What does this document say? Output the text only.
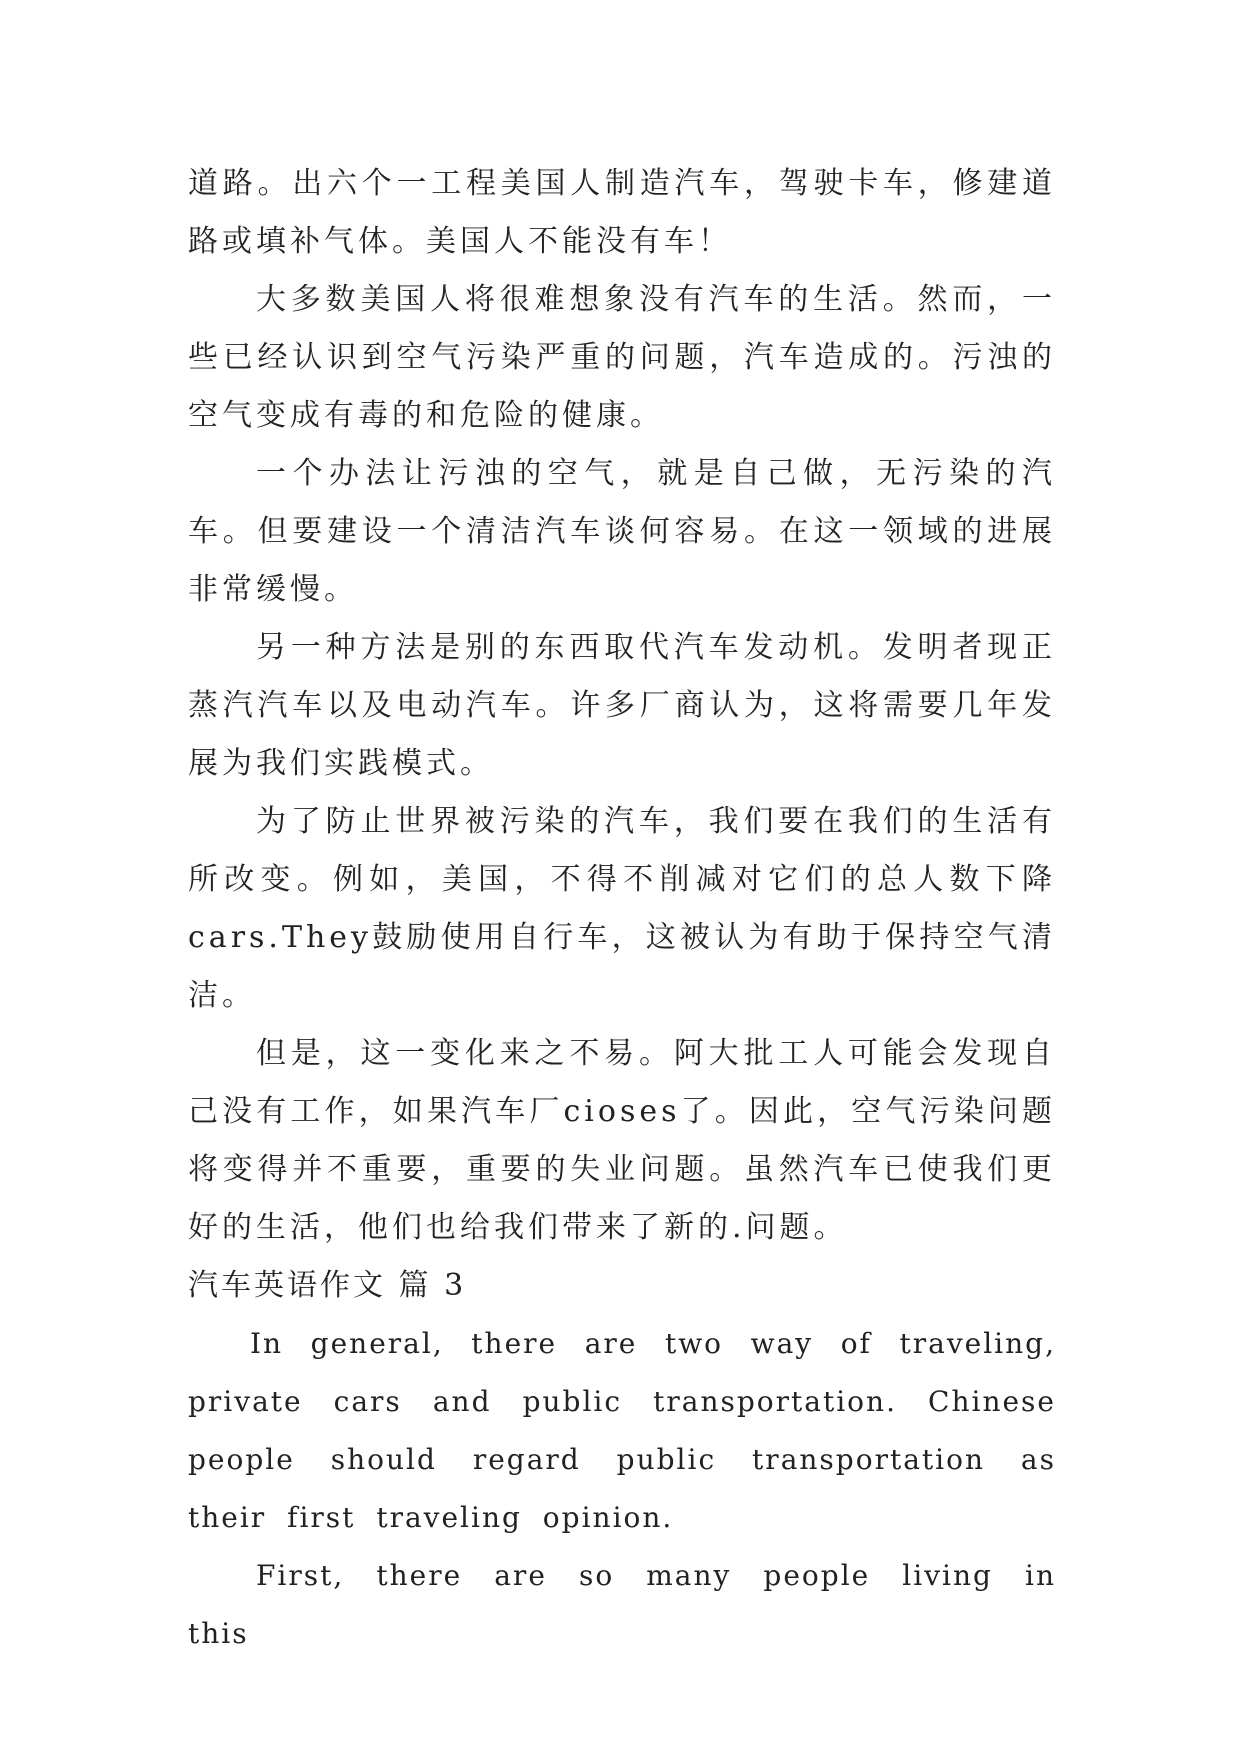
道路。出六个一工程美国人制造汽车，驾驶卡车，修建道路或填补气体。美国人不能没有车！

大多数美国人将很难想象没有汽车的生活。然而，一些已经认识到空气污染严重的问题，汽车造成的。污浊的空气变成有毒的和危险的健康。

一个办法让污浊的空气，就是自己做，无污染的汽车。但要建设一个清洁汽车谈何容易。在这一领域的进展非常缓慢。

另一种方法是别的东西取代汽车发动机。发明者现正蒸汽汽车以及电动汽车。许多厂商认为，这将需要几年发展为我们实践模式。

为了防止世界被污染的汽车，我们要在我们的生活有所改变。例如，美国，不得不削减对它们的总人数下降cars.They鼓励使用自行车，这被认为有助于保持空气清洁。

但是，这一变化来之不易。阿大批工人可能会发现自己没有工作，如果汽车厂cioses了。因此，空气污染问题将变得并不重要，重要的失业问题。虽然汽车已使我们更好的生活，他们也给我们带来了新的.问题。

汽车英语作文 篇 3

In general, there are two way of traveling, private cars and public transportation. Chinese people should regard public transportation as their first traveling opinion.

First, there are so many people living in this
